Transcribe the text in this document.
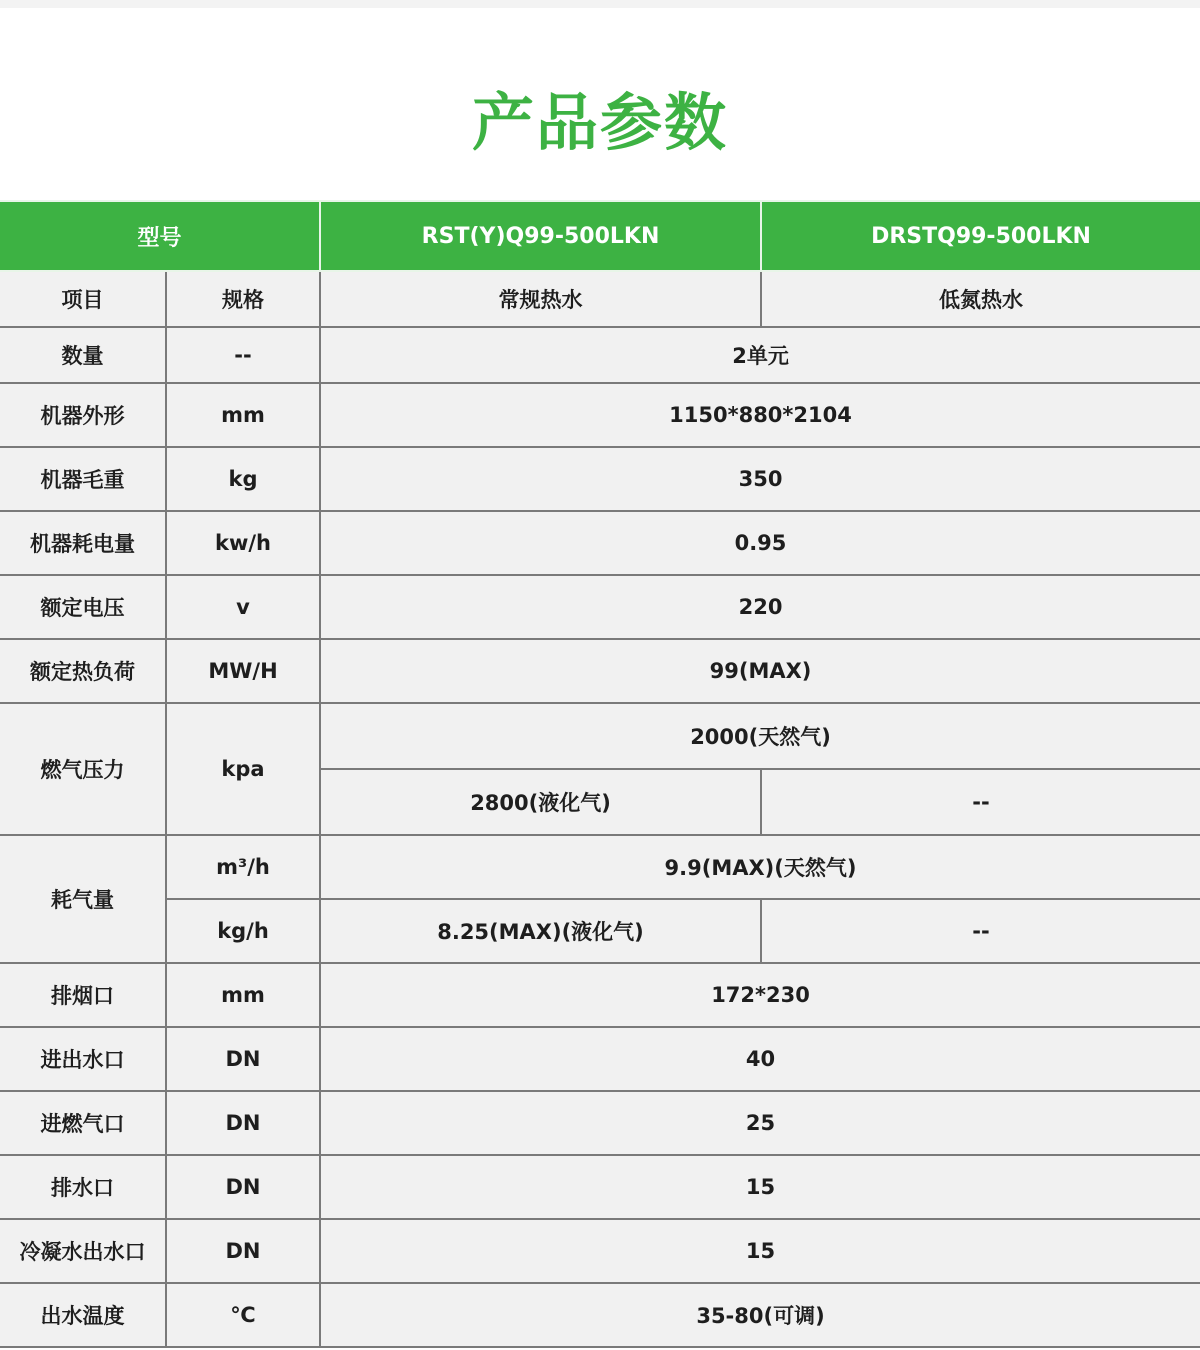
产品参数
型号		RST(Y)Q99-500LKN	DRSTQ99-500LKN
项目	规格	常规热水	低氮热水
数量	--	2单元	
机器外形	mm	1150*880*2104	
机器毛重	kg	350	
机器耗电量	kw/h	0.95	
额定电压	v	220	
额定热负荷	MW/H	99(MAX)	
燃气压力	kpa	2000(天然气)	
		2800(液化气)	--
耗气量	m³/h	9.9(MAX)(天然气)	
	kg/h	8.25(MAX)(液化气)	--
排烟口	mm	172*230	
进出水口	DN	40	
进燃气口	DN	25	
排水口	DN	15	
冷凝水出水口	DN	15	
出水温度	℃	35-80(可调)	
